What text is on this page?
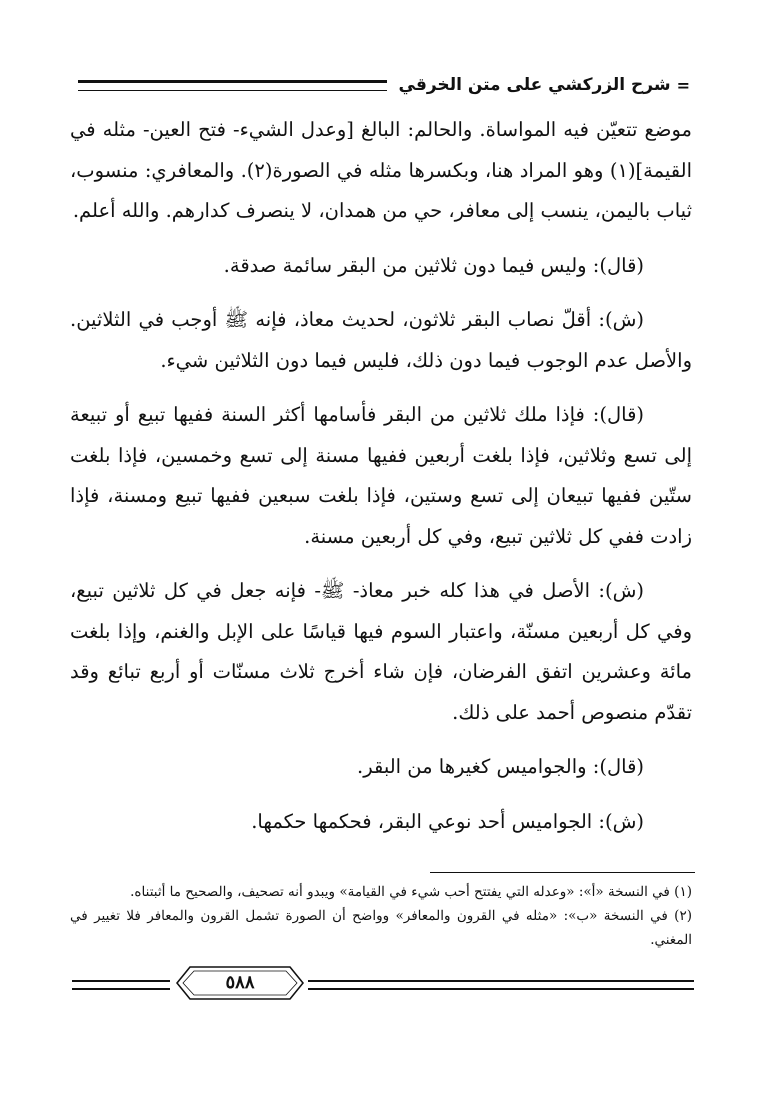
=
شرح الزركشي على متن الخرقي

موضع تتعيّن فيه المواساة. والحالم: البالغ [وعدل الشيء- فتح العين- مثله في القيمة](١) وهو المراد هنا، وبكسرها مثله في الصورة(٢). والمعافري: منسوب، ثياب باليمن، ينسب إلى معافر، حي من همدان، لا ينصرف كدارهم. والله أعلم.

(قال): وليس فيما دون ثلاثين من البقر سائمة صدقة.

(ش): أقلّ نصاب البقر ثلاثون، لحديث معاذ، فإنه ﷺ أوجب في الثلاثين. والأصل عدم الوجوب فيما دون ذلك، فليس فيما دون الثلاثين شيء.

(قال): فإذا ملك ثلاثين من البقر فأسامها أكثر السنة ففيها تبيع أو تبيعة إلى تسع وثلاثين، فإذا بلغت أربعين ففيها مسنة إلى تسع وخمسين، فإذا بلغت ستّين ففيها تبيعان إلى تسع وستين، فإذا بلغت سبعين ففيها تبيع ومسنة، فإذا زادت ففي كل ثلاثين تبيع، وفي كل أربعين مسنة.

(ش): الأصل في هذا كله خبر معاذ- ﷺ- فإنه جعل في كل ثلاثين تبيع، وفي كل أربعين مسنّة، واعتبار السوم فيها قياسًا على الإبل والغنم، وإذا بلغت مائة وعشرين اتفق الفرضان، فإن شاء أخرج ثلاث مسنّات أو أربع تبائع وقد تقدّم منصوص أحمد على ذلك.

(قال): والجواميس كغيرها من البقر.

(ش): الجواميس أحد نوعي البقر، فحكمها حكمها.

(١) في النسخة «أ»: «وعدله التي يفتتح أحب شيء في القيامة» ويبدو أنه تصحيف، والصحيح ما أثبتناه.

(٢) في النسخة «ب»: «مثله في القرون والمعافر» وواضح أن الصورة تشمل القرون والمعافر فلا تغيير في المغني.

٥٨٨
